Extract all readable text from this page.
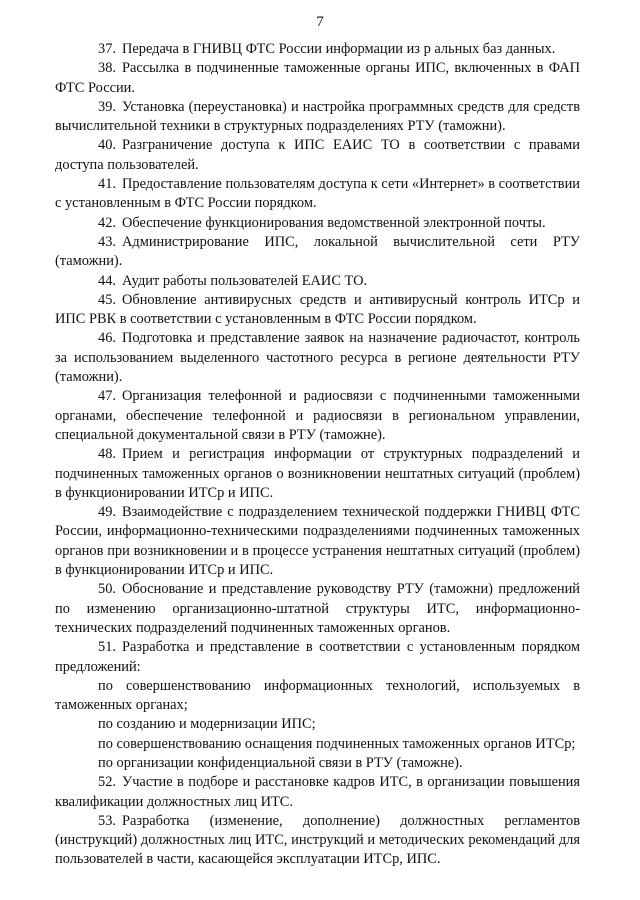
7

37. Передача в ГНИВЦ ФТС России информации из р альных баз данных.

38. Рассылка в подчиненные таможенные органы ИПС, включенных в ФАП ФТС России.

39. Установка (переустановка) и настройка программных средств для средств вычислительной техники в структурных подразделениях РТУ (таможни).

40. Разграничение доступа к ИПС ЕАИС ТО в соответствии с правами доступа пользователей.

41. Предоставление пользователям доступа к сети «Интернет» в соответствии с установленным в ФТС России порядком.

42. Обеспечение функционирования ведомственной электронной почты.

43. Администрирование ИПС, локальной вычислительной сети РТУ (таможни).

44. Аудит работы пользователей ЕАИС ТО.

45. Обновление антивирусных средств и антивирусный контроль ИТСр и ИПС РВК в соответствии с установленным в ФТС России порядком.

46. Подготовка и представление заявок на назначение радиочастот, контроль за использованием выделенного частотного ресурса в регионе деятельности РТУ (таможни).

47. Организация телефонной и радиосвязи с подчиненными таможенными органами, обеспечение телефонной и радиосвязи в региональном управлении, специальной документальной связи в РТУ (таможне).

48. Прием и регистрация информации от структурных подразделений и подчиненных таможенных органов о возникновении нештатных ситуаций (проблем) в функционировании ИТСр и ИПС.

49. Взаимодействие с подразделением технической поддержки ГНИВЦ ФТС России, информационно-техническими подразделениями подчиненных таможенных органов при возникновении и в процессе устранения нештатных ситуаций (проблем) в функционировании ИТСр и ИПС.

50. Обоснование и представление руководству РТУ (таможни) предложений по изменению организационно-штатной структуры ИТС, информационно-технических подразделений подчиненных таможенных органов.

51. Разработка и представление в соответствии с установленным порядком предложений:

по совершенствованию информационных технологий, используемых в таможенных органах;

по созданию и модернизации ИПС;

по совершенствованию оснащения подчиненных таможенных органов ИТСр;

по организации конфиденциальной связи в РТУ (таможне).

52. Участие в подборе и расстановке кадров ИТС, в организации повышения квалификации должностных лиц ИТС.

53. Разработка (изменение, дополнение) должностных регламентов (инструкций) должностных лиц ИТС, инструкций и методических рекомендаций для пользователей в части, касающейся эксплуатации ИТСр, ИПС.
